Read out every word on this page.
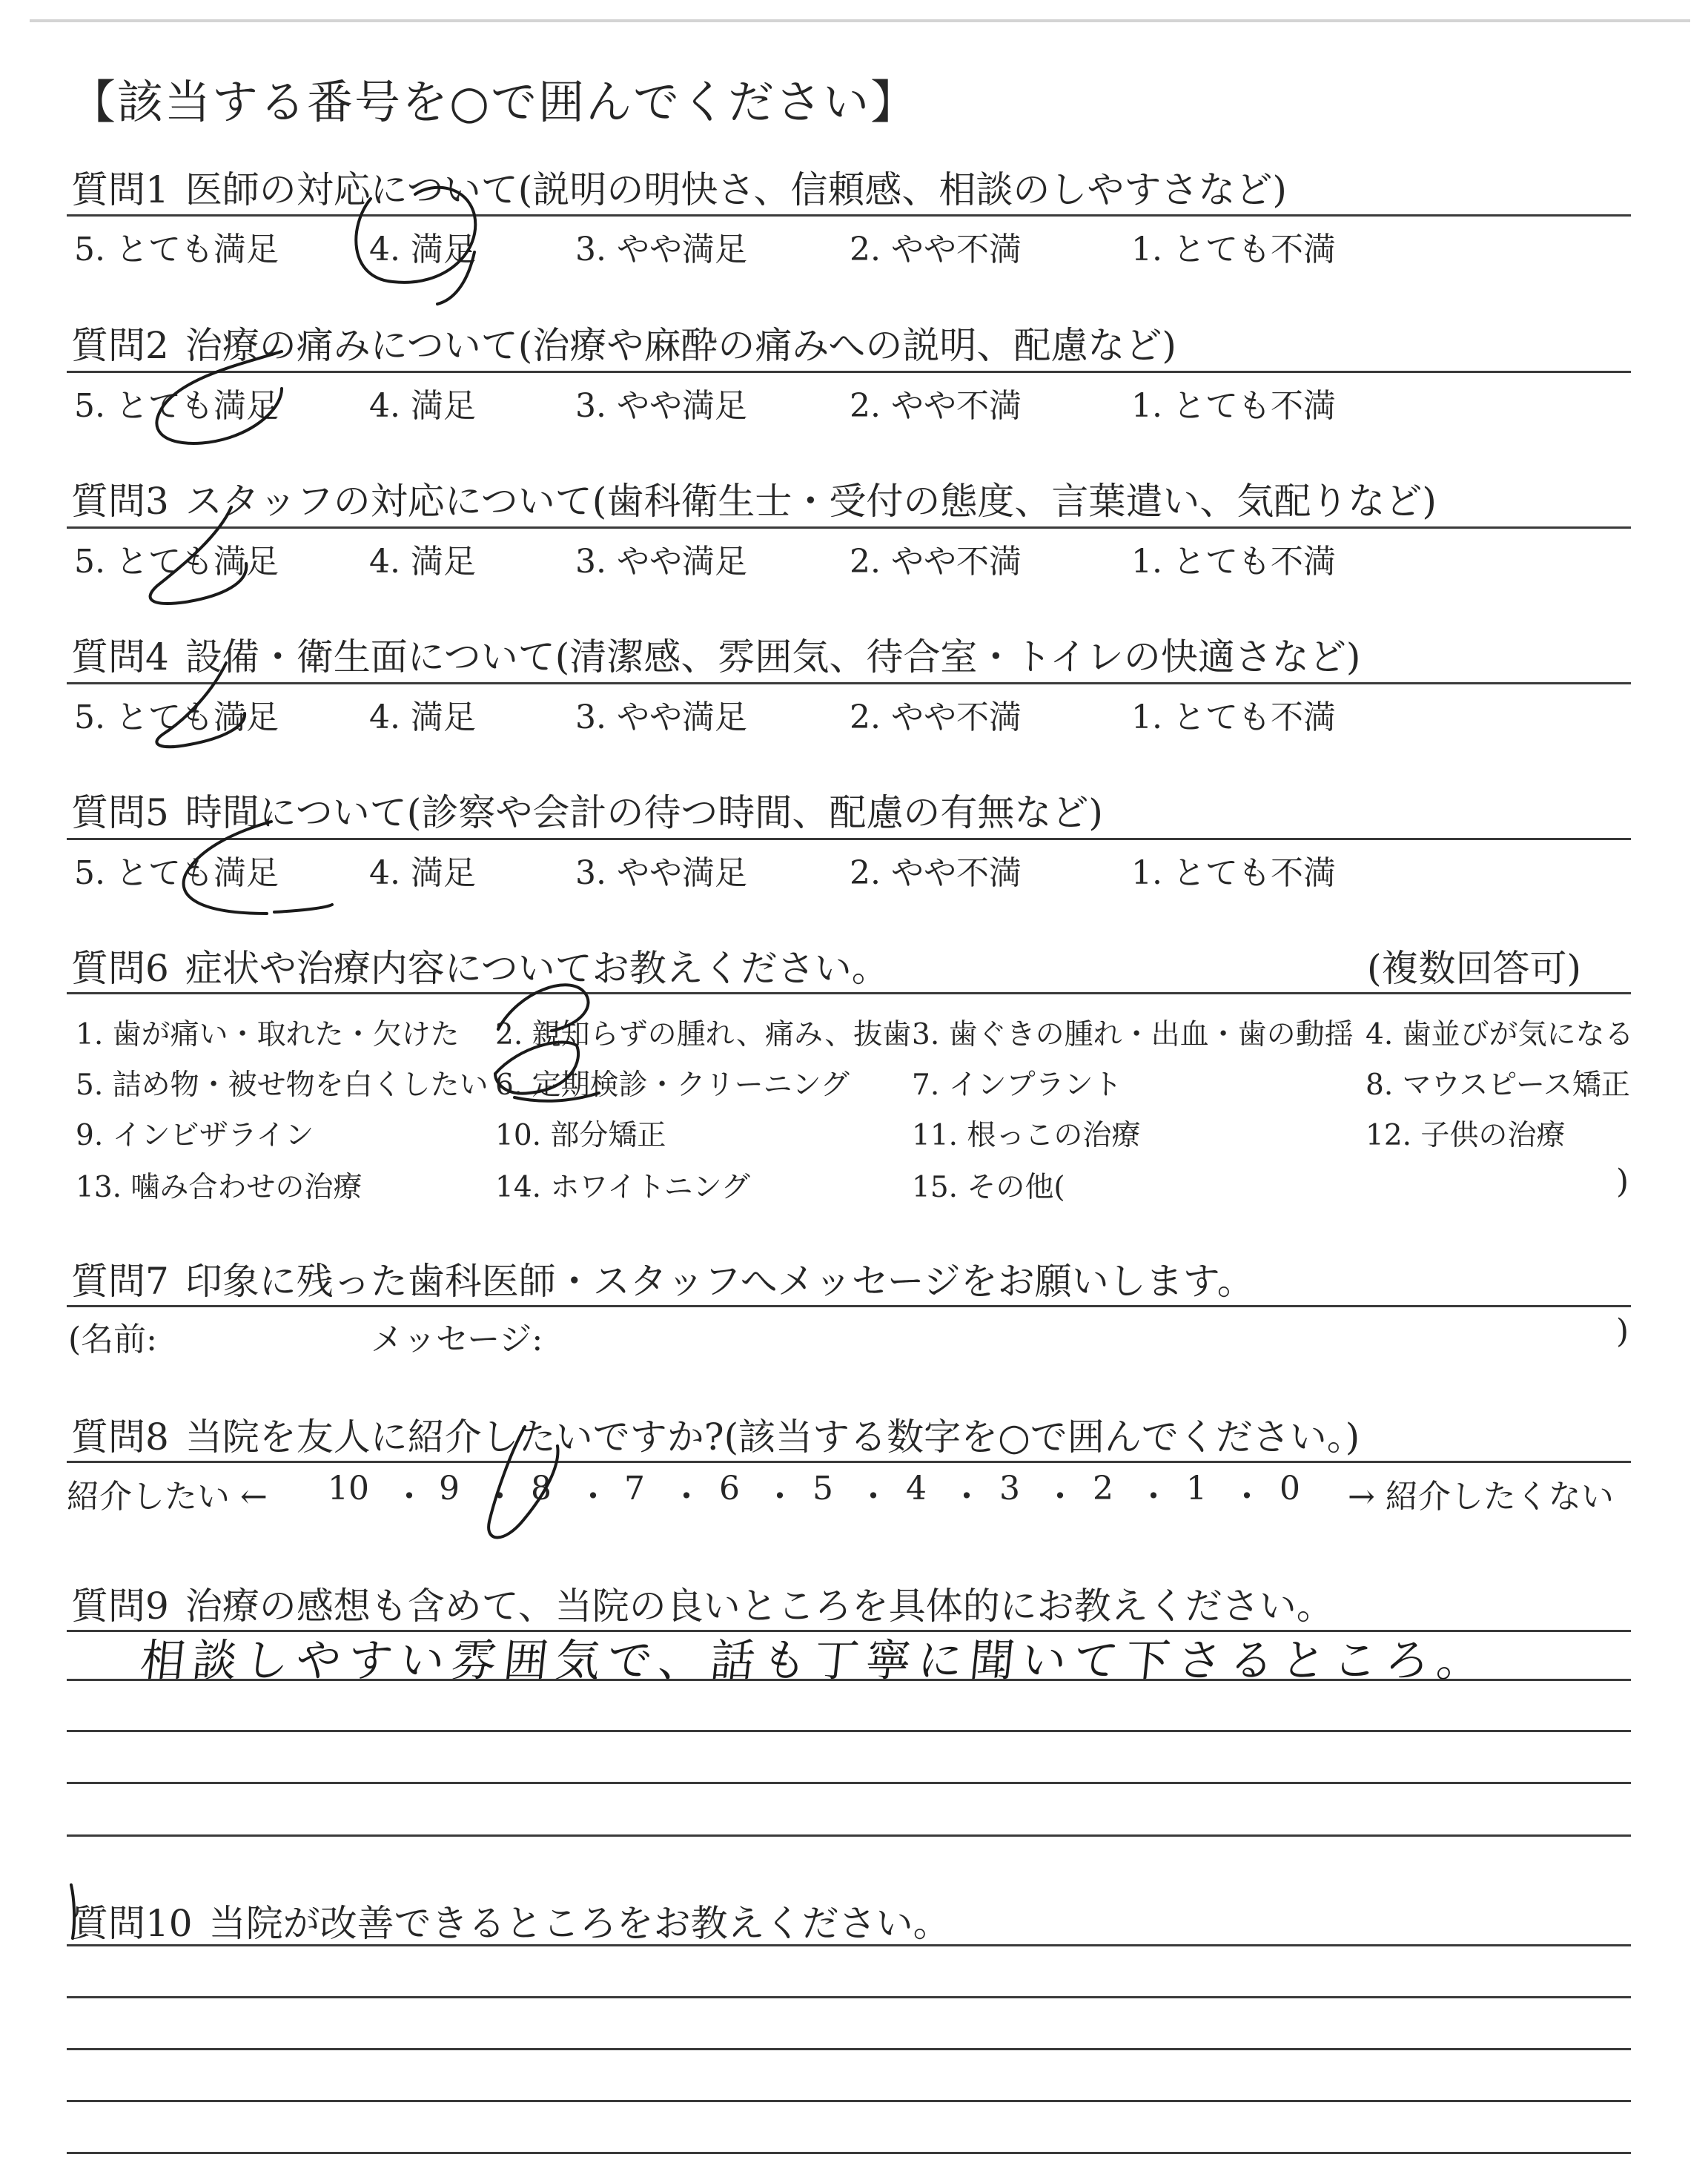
【該当する番号を○で囲んでください】
質問1 医師の対応について(説明の明快さ、信頼感、相談のしやすさなど)
5. とても満足	4. 満足	3. やや満足	2. やや不満	1. とても不満
質問2 治療の痛みについて(治療や麻酔の痛みへの説明、配慮など)
5. とても満足	4. 満足	3. やや満足	2. やや不満	1. とても不満
質問3 スタッフの対応について(歯科衛生士・受付の態度、言葉遣い、気配りなど)
5. とても満足	4. 満足	3. やや満足	2. やや不満	1. とても不満
質問4 設備・衛生面について(清潔感、雰囲気、待合室・トイレの快適さなど)
5. とても満足	4. 満足	3. やや満足	2. やや不満	1. とても不満
質問5 時間について(診察や会計の待つ時間、配慮の有無など)
5. とても満足	4. 満足	3. やや満足	2. やや不満	1. とても不満
質問6 症状や治療内容についてお教えください。	(複数回答可)
1. 歯が痛い・取れた・欠けた 2. 親知らずの腫れ、痛み、抜歯 3. 歯ぐきの腫れ・出血・歯の動揺 4. 歯並びが気になる
5. 詰め物・被せ物を白くしたい 6. 定期検診・クリーニング 7. インプラント	8. マウスピース矯正
9. インビザライン	10. 部分矯正	11. 根っこの治療	12. 子供の治療
13. 噛み合わせの治療	14. ホワイトニング	15. その他(	)
質問7 印象に残った歯科医師・スタッフへメッセージをお願いします。
(名前:	メッセージ:	)
質問8 当院を友人に紹介したいですか?(該当する数字を○で囲んでください。)
紹介したい ←	→ 紹介したくない
10 9 8 7 6 5 4 3 2 1 0
・ ・ ・ ・ ・ ・ ・ ・ ・ ・
質問9 治療の感想も含めて、当院の良いところを具体的にお教えください。
相談しやすい雰囲気で、話も丁寧に聞いて下さるところ。
質問10 当院が改善できるところをお教えください。
